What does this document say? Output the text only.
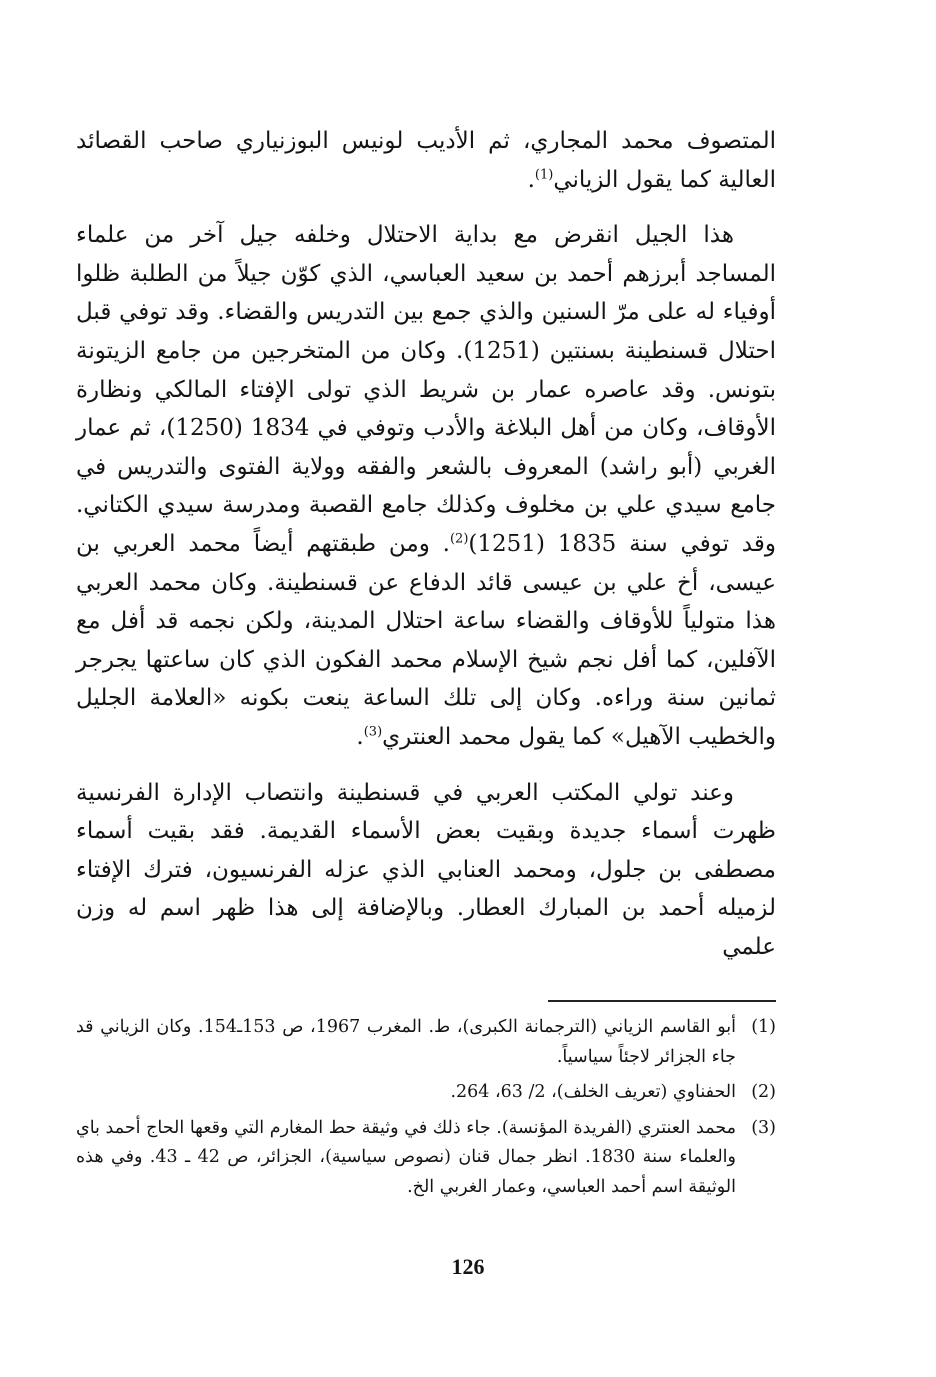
المتصوف محمد المجاري، ثم الأديب لونيس البوزنياري صاحب القصائد العالية كما يقول الزياني$^{(1)}$.

هذا الجيل انقرض مع بداية الاحتلال وخلفه جيل آخر من علماء المساجد أبرزهم أحمد بن سعيد العباسي، الذي كوّن جيلاً من الطلبة ظلوا أوفياء له على مرّ السنين والذي جمع بين التدريس والقضاء. وقد توفي قبل احتلال قسنطينة بسنتين (1251). وكان من المتخرجين من جامع الزيتونة بتونس. وقد عاصره عمار بن شريط الذي تولى الإفتاء المالكي ونظارة الأوقاف، وكان من أهل البلاغة والأدب وتوفي في 1834 (1250)، ثم عمار الغربي (أبو راشد) المعروف بالشعر والفقه وولاية الفتوى والتدريس في جامع سيدي علي بن مخلوف وكذلك جامع القصبة ومدرسة سيدي الكتاني. وقد توفي سنة 1835 (1251)$^{(2)}$. ومن طبقتهم أيضاً محمد العربي بن عيسى، أخ علي بن عيسى قائد الدفاع عن قسنطينة. وكان محمد العربي هذا متولياً للأوقاف والقضاء ساعة احتلال المدينة، ولكن نجمه قد أفل مع الآفلين، كما أفل نجم شيخ الإسلام محمد الفكون الذي كان ساعتها يجرجر ثمانين سنة وراءه. وكان إلى تلك الساعة ينعت بكونه «العلامة الجليل والخطيب الآهيل» كما يقول محمد العنتري$^{(3)}$.

وعند تولي المكتب العربي في قسنطينة وانتصاب الإدارة الفرنسية ظهرت أسماء جديدة وبقيت بعض الأسماء القديمة. فقد بقيت أسماء مصطفى بن جلول، ومحمد العنابي الذي عزله الفرنسيون، فترك الإفتاء لزميله أحمد بن المبارك العطار. وبالإضافة إلى هذا ظهر اسم له وزن علمي

(1)
أبو القاسم الزياني (الترجمانة الكبرى)، ط. المغرب 1967، ص 153ـ154. وكان الزياني قد جاء الجزائر لاجئاً سياسياً.
(2)
الحفناوي (تعريف الخلف)، 2/ 63، 264.
(3)
محمد العنتري (الفريدة المؤنسة). جاء ذلك في وثيقة حط المغارم التي وقعها الحاج أحمد باي والعلماء سنة 1830. انظر جمال قنان (نصوص سياسية)، الجزائر، ص 42 ـ 43. وفي هذه الوثيقة اسم أحمد العباسي، وعمار الغربي الخ.
126
